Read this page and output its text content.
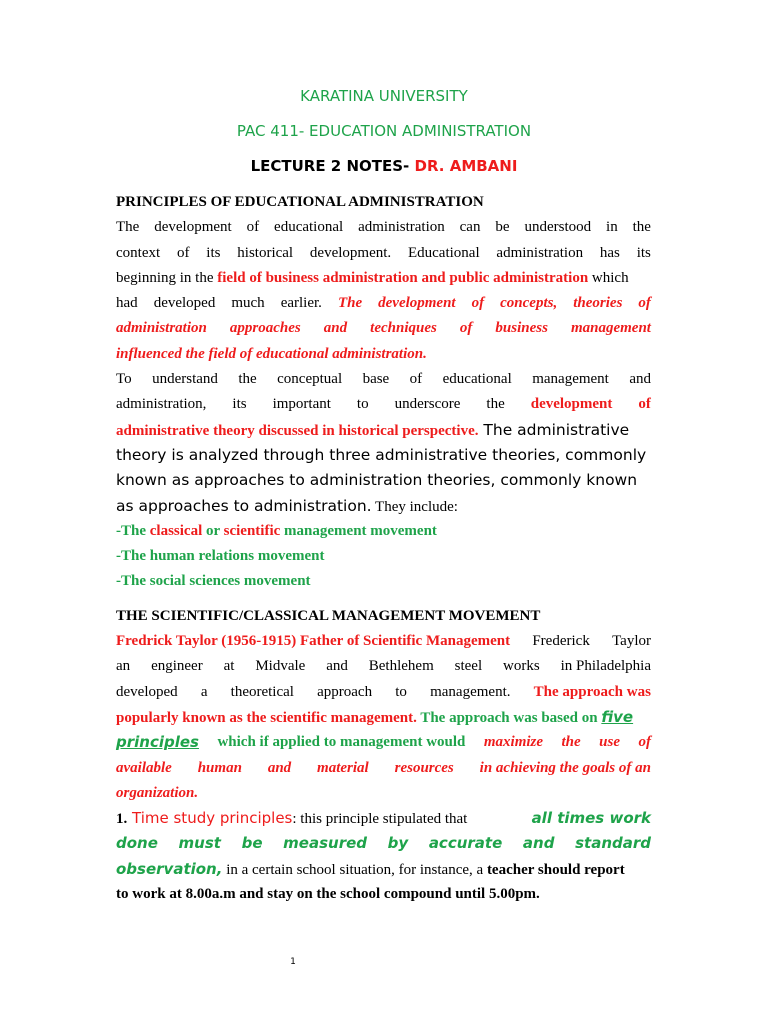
KARATINA UNIVERSITY
PAC 411- EDUCATION ADMINISTRATION
LECTURE 2 NOTES- DR. AMBANI
PRINCIPLES OF EDUCATIONAL ADMINISTRATION
The development of educational administration can be understood in the
context of its historical development. Educational administration has its
beginning in the field of business administration and public administration which
had developed much earlier. The development of concepts, theories of
administration approaches and techniques of business management
influenced the field of educational administration.
To understand the conceptual base of educational management and
administration, its important to underscore the development of
administrative theory discussed in historical perspective. The administrative
theory is analyzed through three administrative theories, commonly
known as approaches to administration theories, commonly known
as approaches to administration. They include:
-The classical or scientific management movement
-The human relations movement
-The social sciences movement
THE SCIENTIFIC/CLASSICAL MANAGEMENT MOVEMENT
Fredrick Taylor (1956-1915) Father of Scientific Management Frederick Taylor
an engineer at Midvale and Bethlehem steel works in Philadelphia
developed a theoretical approach to management. The approach was
popularly known as the scientific management. The approach was based on five
principles which if applied to management would maximize the use of
available human and material resources in achieving the goals of an
organization.
1. Time study principles: this principle stipulated that	all times work
done must be measured by accurate and standard
observation, in a certain school situation, for instance, a teacher should report
to work at 8.00a.m and stay on the school compound until 5.00pm.
1
